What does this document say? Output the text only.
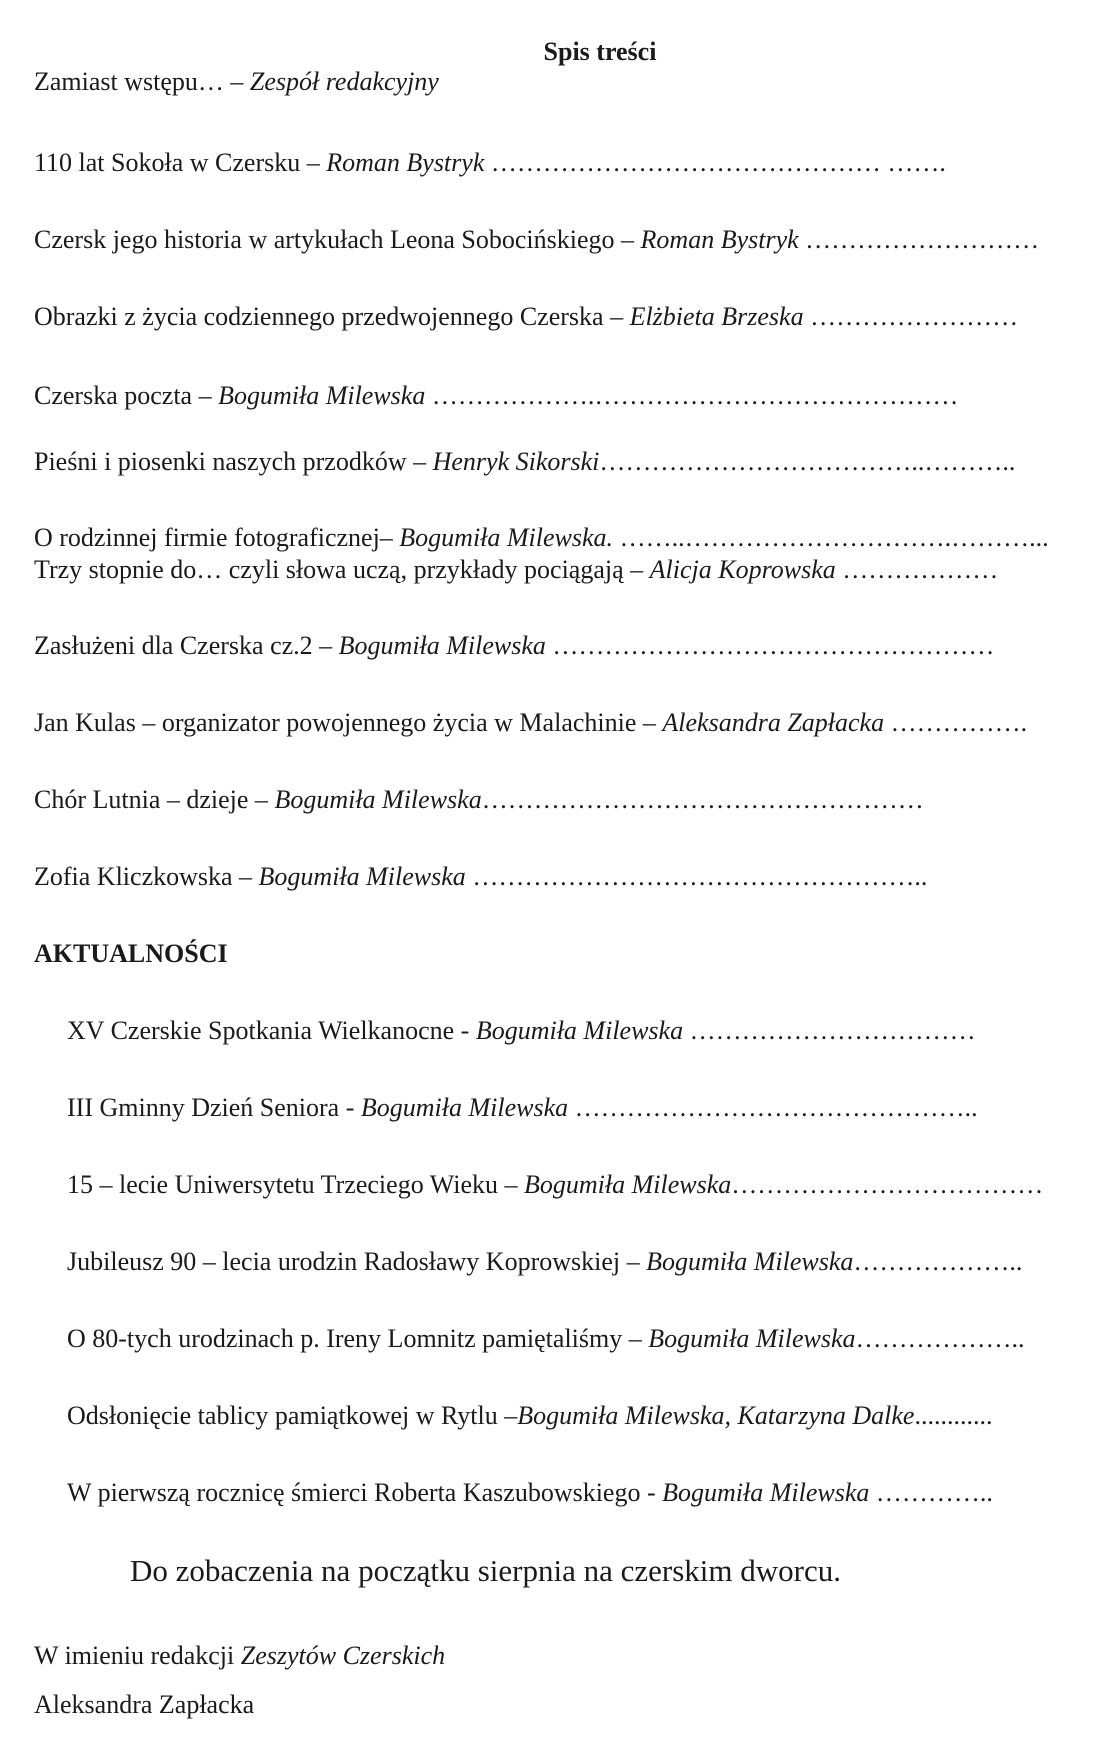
Spis treści
Zamiast wstępu… – Zespół redakcyjny
110 lat Sokoła w Czersku – Roman Bystryk ……………………………………… …….
Czersk jego historia w artykułach Leona Sobocińskiego – Roman Bystryk ………………………
Obrazki z życia codziennego przedwojennego Czerska – Elżbieta Brzeska ……………………
Czerska poczta – Bogumiła Milewska ……………….……………………………………
Pieśni i piosenki naszych przodków – Henryk Sikorski………………………………..………..
O rodzinnej firmie fotograficznej– Bogumiła Milewska. ……..………………………….………...
Trzy stopnie do… czyli słowa uczą, przykłady pociągają – Alicja Koprowska ………………
Zasłużeni dla Czerska cz.2 – Bogumiła Milewska ……………………………………………
Jan Kulas – organizator powojennego życia w Malachinie – Aleksandra Zapłacka …………….
Chór Lutnia – dzieje – Bogumiła Milewska……………………………………………
Zofia Kliczkowska – Bogumiła Milewska ……………………………………………..
AKTUALNOŚCI
XV Czerskie Spotkania Wielkanocne - Bogumiła Milewska ……………………………
III Gminny Dzień Seniora - Bogumiła Milewska ………………………………………..
15 – lecie Uniwersytetu Trzeciego Wieku – Bogumiła Milewska………………………………
Jubileusz 90 – lecia urodzin Radosławy Koprowskiej – Bogumiła Milewska………………..
O 80-tych urodzinach p. Ireny Lomnitz pamiętaliśmy – Bogumiła Milewska………………..
Odsłonięcie tablicy pamiątkowej w Rytlu –Bogumiła Milewska, Katarzyna Dalke............
W pierwszą rocznicę śmierci Roberta Kaszubowskiego - Bogumiła Milewska …………..
Do zobaczenia na początku sierpnia na czerskim dworcu.
W imieniu redakcji Zeszytów Czerskich
Aleksandra Zapłacka
